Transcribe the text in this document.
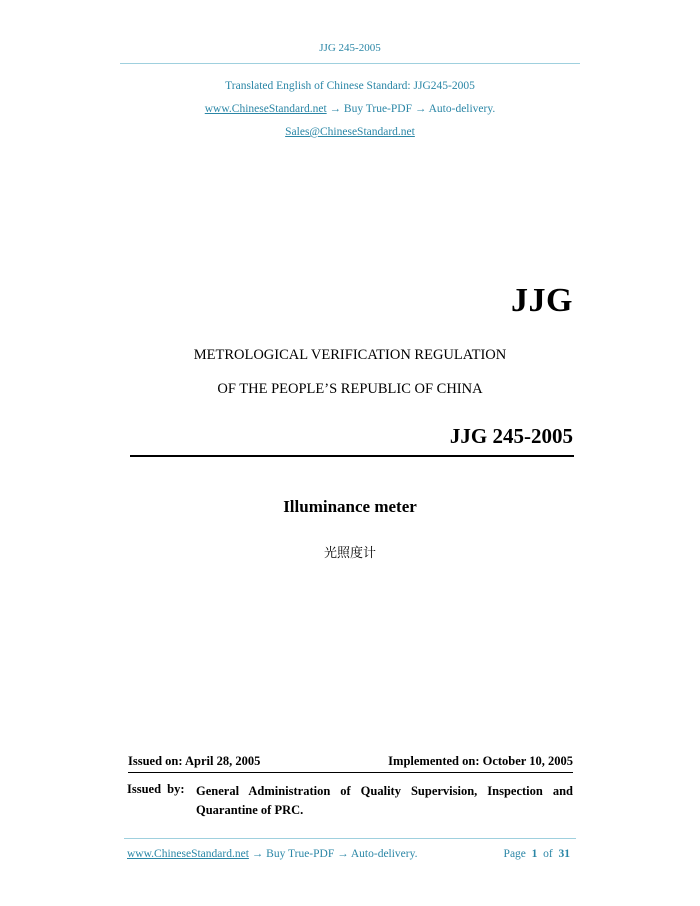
JJG 245-2005
Translated English of Chinese Standard: JJG245-2005
www.ChineseStandard.net → Buy True-PDF → Auto-delivery.
Sales@ChineseStandard.net
JJG
METROLOGICAL VERIFICATION REGULATION
OF THE PEOPLE’S REPUBLIC OF CHINA
JJG 245-2005
Illuminance meter
光照度计
Issued on: April 28, 2005	Implemented on: October 10, 2005
Issued by: General Administration of Quality Supervision, Inspection and Quarantine of PRC.
www.ChineseStandard.net → Buy True-PDF → Auto-delivery.	Page 1 of 31
